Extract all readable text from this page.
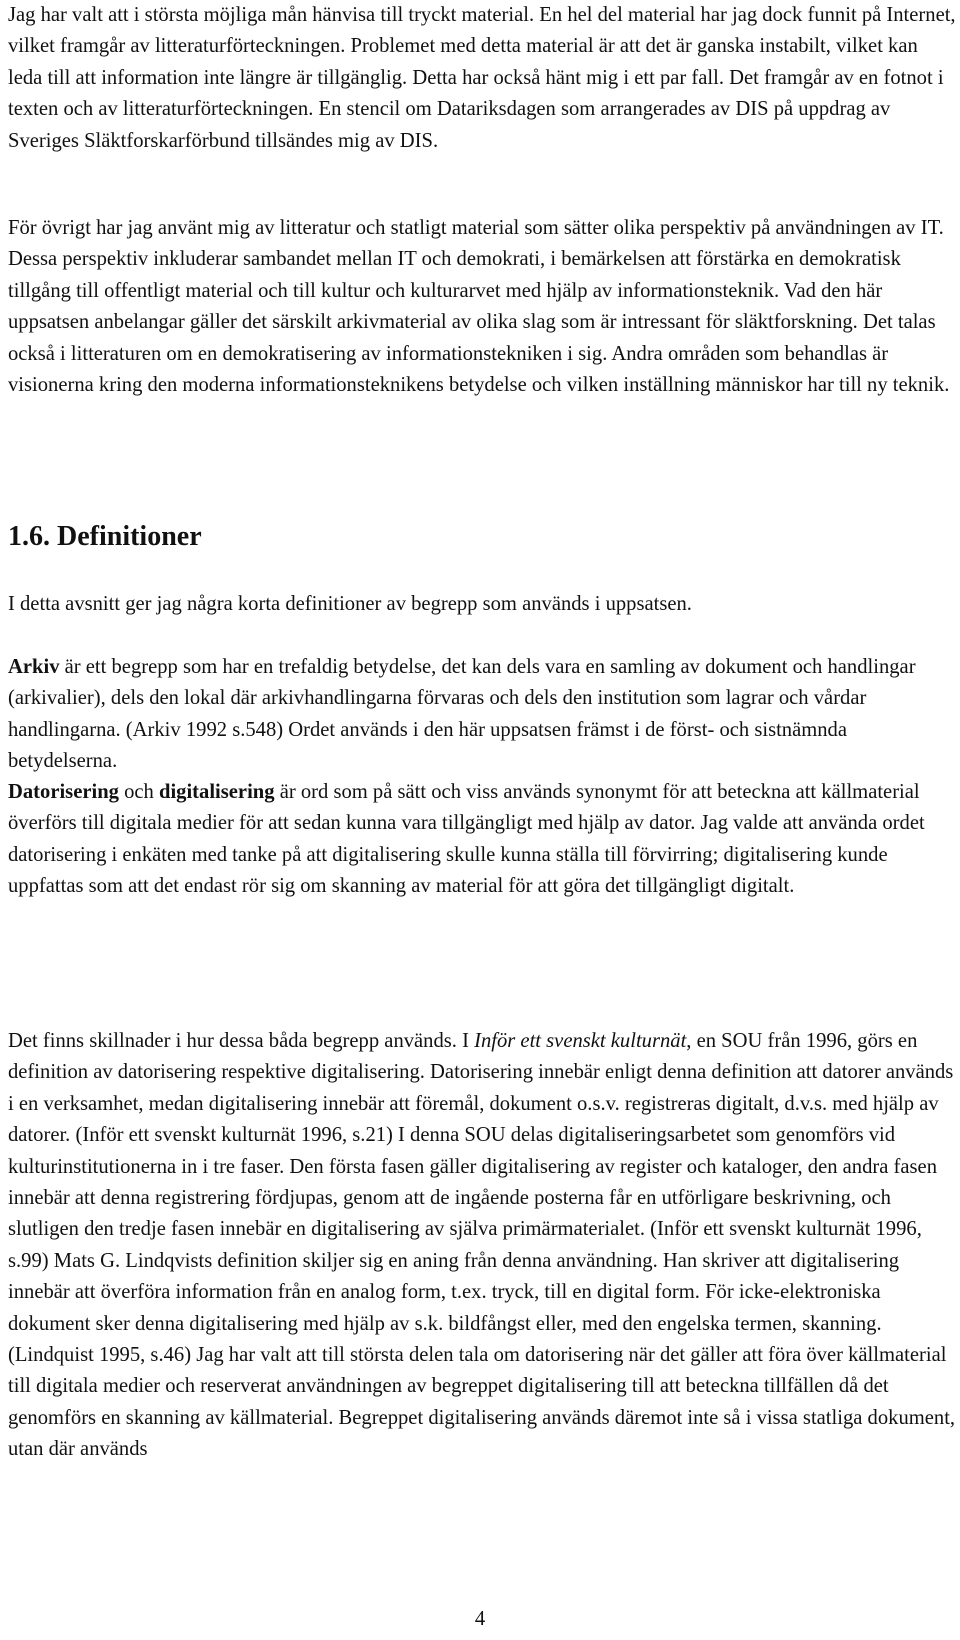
Jag har valt att i största möjliga mån hänvisa till tryckt material. En hel del material har jag dock funnit på Internet, vilket framgår av litteraturförteckningen. Problemet med detta material är att det är ganska instabilt, vilket kan leda till att information inte längre är tillgänglig. Detta har också hänt mig i ett par fall. Det framgår av en fotnot i texten och av litteraturförteckningen. En stencil om Datariksdagen som arrangerades av DIS på uppdrag av Sveriges Släktforskarförbund tillsändes mig av DIS.

För övrigt har jag använt mig av litteratur och statligt material som sätter olika perspektiv på användningen av IT. Dessa perspektiv inkluderar sambandet mellan IT och demokrati, i bemärkelsen att förstärka en demokratisk tillgång till offentligt material och till kultur och kulturarvet med hjälp av informationsteknik. Vad den här uppsatsen anbelangar gäller det särskilt arkivmaterial av olika slag som är intressant för släktforskning. Det talas också i litteraturen om en demokratisering av informationstekniken i sig. Andra områden som behandlas är visionerna kring den moderna informationsteknikens betydelse och vilken inställning människor har till ny teknik.

1.6. Definitioner

I detta avsnitt ger jag några korta definitioner av begrepp som används i uppsatsen.

Arkiv är ett begrepp som har en trefaldig betydelse, det kan dels vara en samling av dokument och handlingar (arkivalier), dels den lokal där arkivhandlingarna förvaras och dels den institution som lagrar och vårdar handlingarna. (Arkiv 1992 s.548) Ordet används i den här uppsatsen främst i de först- och sistnämnda betydelserna.

Datorisering och digitalisering är ord som på sätt och viss används synonymt för att beteckna att källmaterial överförs till digitala medier för att sedan kunna vara tillgängligt med hjälp av dator. Jag valde att använda ordet datorisering i enkäten med tanke på att digitalisering skulle kunna ställa till förvirring; digitalisering kunde uppfattas som att det endast rör sig om skanning av material för att göra det tillgängligt digitalt.

Det finns skillnader i hur dessa båda begrepp används. I Inför ett svenskt kulturnät, en SOU från 1996, görs en definition av datorisering respektive digitalisering. Datorisering innebär enligt denna definition att datorer används i en verksamhet, medan digitalisering innebär att föremål, dokument o.s.v. registreras digitalt, d.v.s. med hjälp av datorer. (Inför ett svenskt kulturnät 1996, s.21) I denna SOU delas digitaliseringsarbetet som genomförs vid kulturinstitutionerna in i tre faser. Den första fasen gäller digitalisering av register och kataloger, den andra fasen innebär att denna registrering fördjupas, genom att de ingående posterna får en utförligare beskrivning, och slutligen den tredje fasen innebär en digitalisering av själva primärmaterialet. (Inför ett svenskt kulturnät 1996, s.99) Mats G. Lindqvists definition skiljer sig en aning från denna användning. Han skriver att digitalisering innebär att överföra information från en analog form, t.ex. tryck, till en digital form. För icke-elektroniska dokument sker denna digitalisering med hjälp av s.k. bildfångst eller, med den engelska termen, skanning. (Lindquist 1995, s.46) Jag har valt att till största delen tala om datorisering när det gäller att föra över källmaterial till digitala medier och reserverat användningen av begreppet digitalisering till att beteckna tillfällen då det genomförs en skanning av källmaterial. Begreppet digitalisering används däremot inte så i vissa statliga dokument, utan där används

4
